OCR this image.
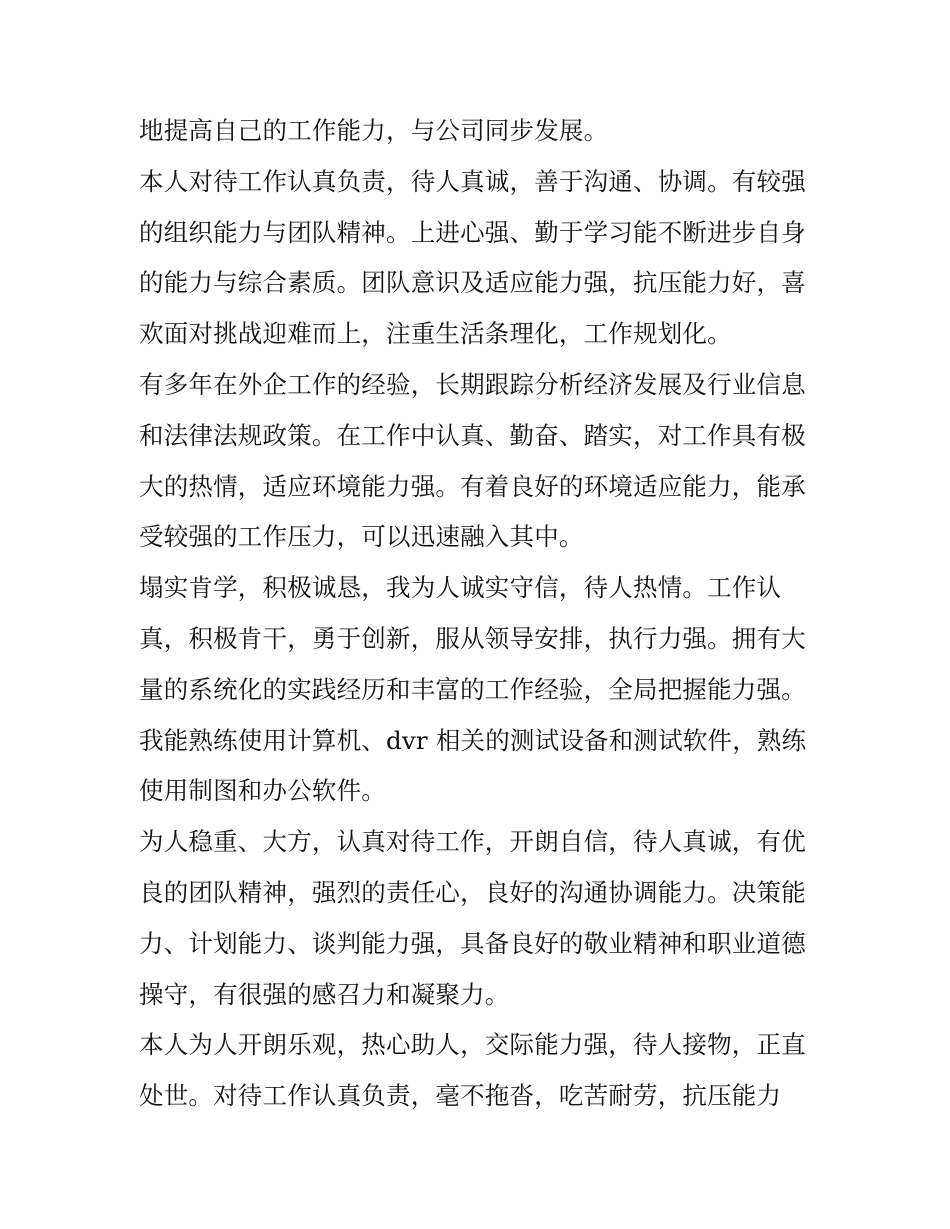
地提高自己的工作能力，与公司同步发展。
本人对待工作认真负责，待人真诚，善于沟通、协调。有较强
的组织能力与团队精神。上进心强、勤于学习能不断进步自身
的能力与综合素质。团队意识及适应能力强，抗压能力好，喜
欢面对挑战迎难而上，注重生活条理化，工作规划化。
有多年在外企工作的经验，长期跟踪分析经济发展及行业信息
和法律法规政策。在工作中认真、勤奋、踏实，对工作具有极
大的热情，适应环境能力强。有着良好的环境适应能力，能承
受较强的工作压力，可以迅速融入其中。
塌实肯学，积极诚恳，我为人诚实守信，待人热情。工作认
真，积极肯干，勇于创新，服从领导安排，执行力强。拥有大
量的系统化的实践经历和丰富的工作经验，全局把握能力强。
我能熟练使用计算机、dvr 相关的测试设备和测试软件，熟练
使用制图和办公软件。
为人稳重、大方，认真对待工作，开朗自信，待人真诚，有优
良的团队精神，强烈的责任心，良好的沟通协调能力。决策能
力、计划能力、谈判能力强，具备良好的敬业精神和职业道德
操守，有很强的感召力和凝聚力。
本人为人开朗乐观，热心助人，交际能力强，待人接物，正直
处世。对待工作认真负责，毫不拖沓，吃苦耐劳，抗压能力
